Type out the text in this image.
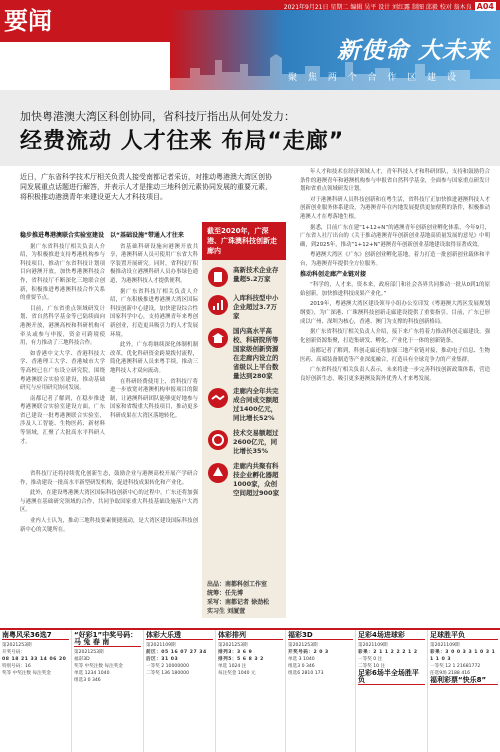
新使命 大未来
聚 焦 两 个 合 作 区 建 设
要闻	2021年9月21日 星期二 编辑 吴平 设计 刘红露 制图 邱毅 校对 翁木良 A04
加快粤港澳大湾区科创协同，省科技厅指出从何处发力：
经费流动 人才往来 布局“走廊”
近日，广东省科学技术厅相关负责人接受南都记者采访，对推动粤港澳大湾区创协同发展重点话题进行解答，并表示人才是推动三地科创元素协同发展的重要元素，将积极推动港澳青年来建设更大人才科技项目。

稳步推进粤港澳联合实验室建设

据广东省科技厅相关负责人介绍，为积极推进支持粤港机构参与科技项目，推动广东省科技计划项目向港澳开放，加快粤港澳科技合作，省科技厅不断深化三地联合创新，积极推进粤港澳科技合作关系的重要节点。

目前，广东省重点领域研发计划、省自然科学基金等已陆续面向港澳开放，港澳高校和科研机构可牵头或参与申报，资金可跨境使用，有力推动了三地科技合作。

如香港中文大学、香港科技大学、香港理工大学、香港城市大学等高校已在广东设立研究院，围绕粤港澳联合实验室建设，推动基础研究与应用研究协同发展。

南都记者了解到，在稳步推进粤港澳联合实验室建设方面，广东省已建设一批粤港澳联合实验室，涉及人工智能、生物医药、新材料等领域，汇聚了大批高水平科研人才。

以“基础设施”带通人才往来

省基础科研设施向港澳开放共享，港澳科研人员可使用广东省大科学装置开展研究。同时，省科技厅积极推动设立港澳科研人员办事绿色通道，为港澳科技人才提供便利。

据广东省科技厅相关负责人介绍，广东积极推进粤港澳大湾区国际科技创新中心建设，加快建设综合性国家科学中心，支持港澳青年来粤创新创业，打造更具吸引力的人才发展环境。

此外，广东将继续深化体制机制改革，优化科研资金跨境拨付流程，简化港澳科研人员来粤手续，推动三地科技人才双向流动。

在科研经费使用上，省科技厅将进一步放宽对港澳机构申报项目的限制，让港澳科研团队能够更好地参与国家和省级重大科技项目，推动更多科研成果在大湾区落地转化。

省科技厅还将持续优化创新生态，鼓励企业与港澳高校开展产学研合作，推动建设一批高水平新型研发机构，促进科技成果转化和产业化。

此外，在建设粤港澳大湾区国际科技创新中心的过程中，广东还将加强与港澳在基础研究领域的合作，共同争取国家重大科技基础设施落户大湾区。

业内人士认为，推动三地科技要素便捷流动，是大湾区建设国际科技创新中心的关键所在。

截至2020年，广深港、广珠澳科技创新走廊内
高新技术企业存量超5.2万家
入库科技型中小企业超过3.7万家
国内高水平高校、科研院所等国家级创新资源在走廊内设立的省级以上平台数量达到280家
走廊内全年共完成合同成交额超过1400亿元，同比增长52%
技术交易额超过2600亿元，同比增长35%
走廊内共聚有科技企业孵化器超1000家，众创空间超过900家
出品：南都科创工作室
统筹：任先博
采写：南都记者 徐劲松
实习生 刘厦萱

年人才和技术在经济领域人才，青年科技人才和科研团队，支持和鼓励符合条件的港澳青年和港澳机构参与申报省自然科学基金，全面参与国家重点研发计划和省重点领域研发计划。

对于港澳科研人员科技创新和在粤生活，省科技厅正加快推进港澳科技人才创新创业服务体系建设，为港澳青年在内地发展提供更加便利的条件，积极推动港澳人才在粤落地生根。

据悉，目前广东在建“1+12+N”的港澳青年创新创业孵化体系，今年9月，广东省人社厅出台的《关于推动港澳青年创新创业基地高质量发展的意见》中明确，到2025年，推动“1+12+N”港澳青年创新创业基地建设取得显著成效。

粤港澳大湾区《广东》创新创业孵化基地，着力打造一批创新创业载体和平台，为港澳青年提供全方位服务。

推动科创走廊产业链对接

“科学的，人才来，资本来，政府部门和社会各界共同推动一批从0到1的原始创新，加快推进科技成果产业化。”

2019年，粤港澳大湾区建设领导小组办公室印发《粤港澳大湾区发展规划纲要》，为广深港、广珠澳科技创新走廊建设提供了重要指引。目前，广东已形成以广州、深圳为核心，香港、澳门为支撑的科技创新格局。

据广东省科技厅相关负责人介绍，接下来广东将着力推动科创走廊建设，强化创新资源集聚，打造集研发、孵化、产业化于一体的创新链条。

南都记者了解到，科创走廊还将加强三地产业链对接，推动电子信息、生物医药、高端装备制造等产业深度融合，打造具有全球竞争力的产业集群。

广东省科技厅相关负责人表示，未来将进一步完善科技创新政策体系，营造良好创新生态，吸引更多港澳及海外优秀人才来粤发展。

南粤风采36选7
第2021253期
开奖号码：
08 18 21 33 14 06 20
特别号码：16
奖等 中奖注数 每注奖金
“好彩1”中奖号码：马 兔 春 南
第2021253期
福彩3D
奖等 中奖注数 每注奖金
单选 1234 1040
组选3 0 346
体彩大乐透
第2021109期
前区：05 16 07 27 34
后区：31 03
一等奖 2 10000000
二等奖 136 180000
体彩排列
第2021253期
排列3：3 6 9
排列5：5 6 8 3 2
单选 1024 注
每注奖金 1040 元
福彩3D
第2021253期
开奖号码：2 0 3
单选 3 1040
组选3 0 346
组选6 2810 173
足彩4场进球彩
第2021109期
彩果：2 1 1 2 2 2 1 2
一等奖 0 注
二等奖 10 注
足彩6场半全场胜平负
足球胜平负
第2021109期
彩果：3 0 0 3 3 1 0 3 1 1 1 0 3
一等奖 12 1 21681772
任选9场 2188 416
福利彩票“快乐8”
